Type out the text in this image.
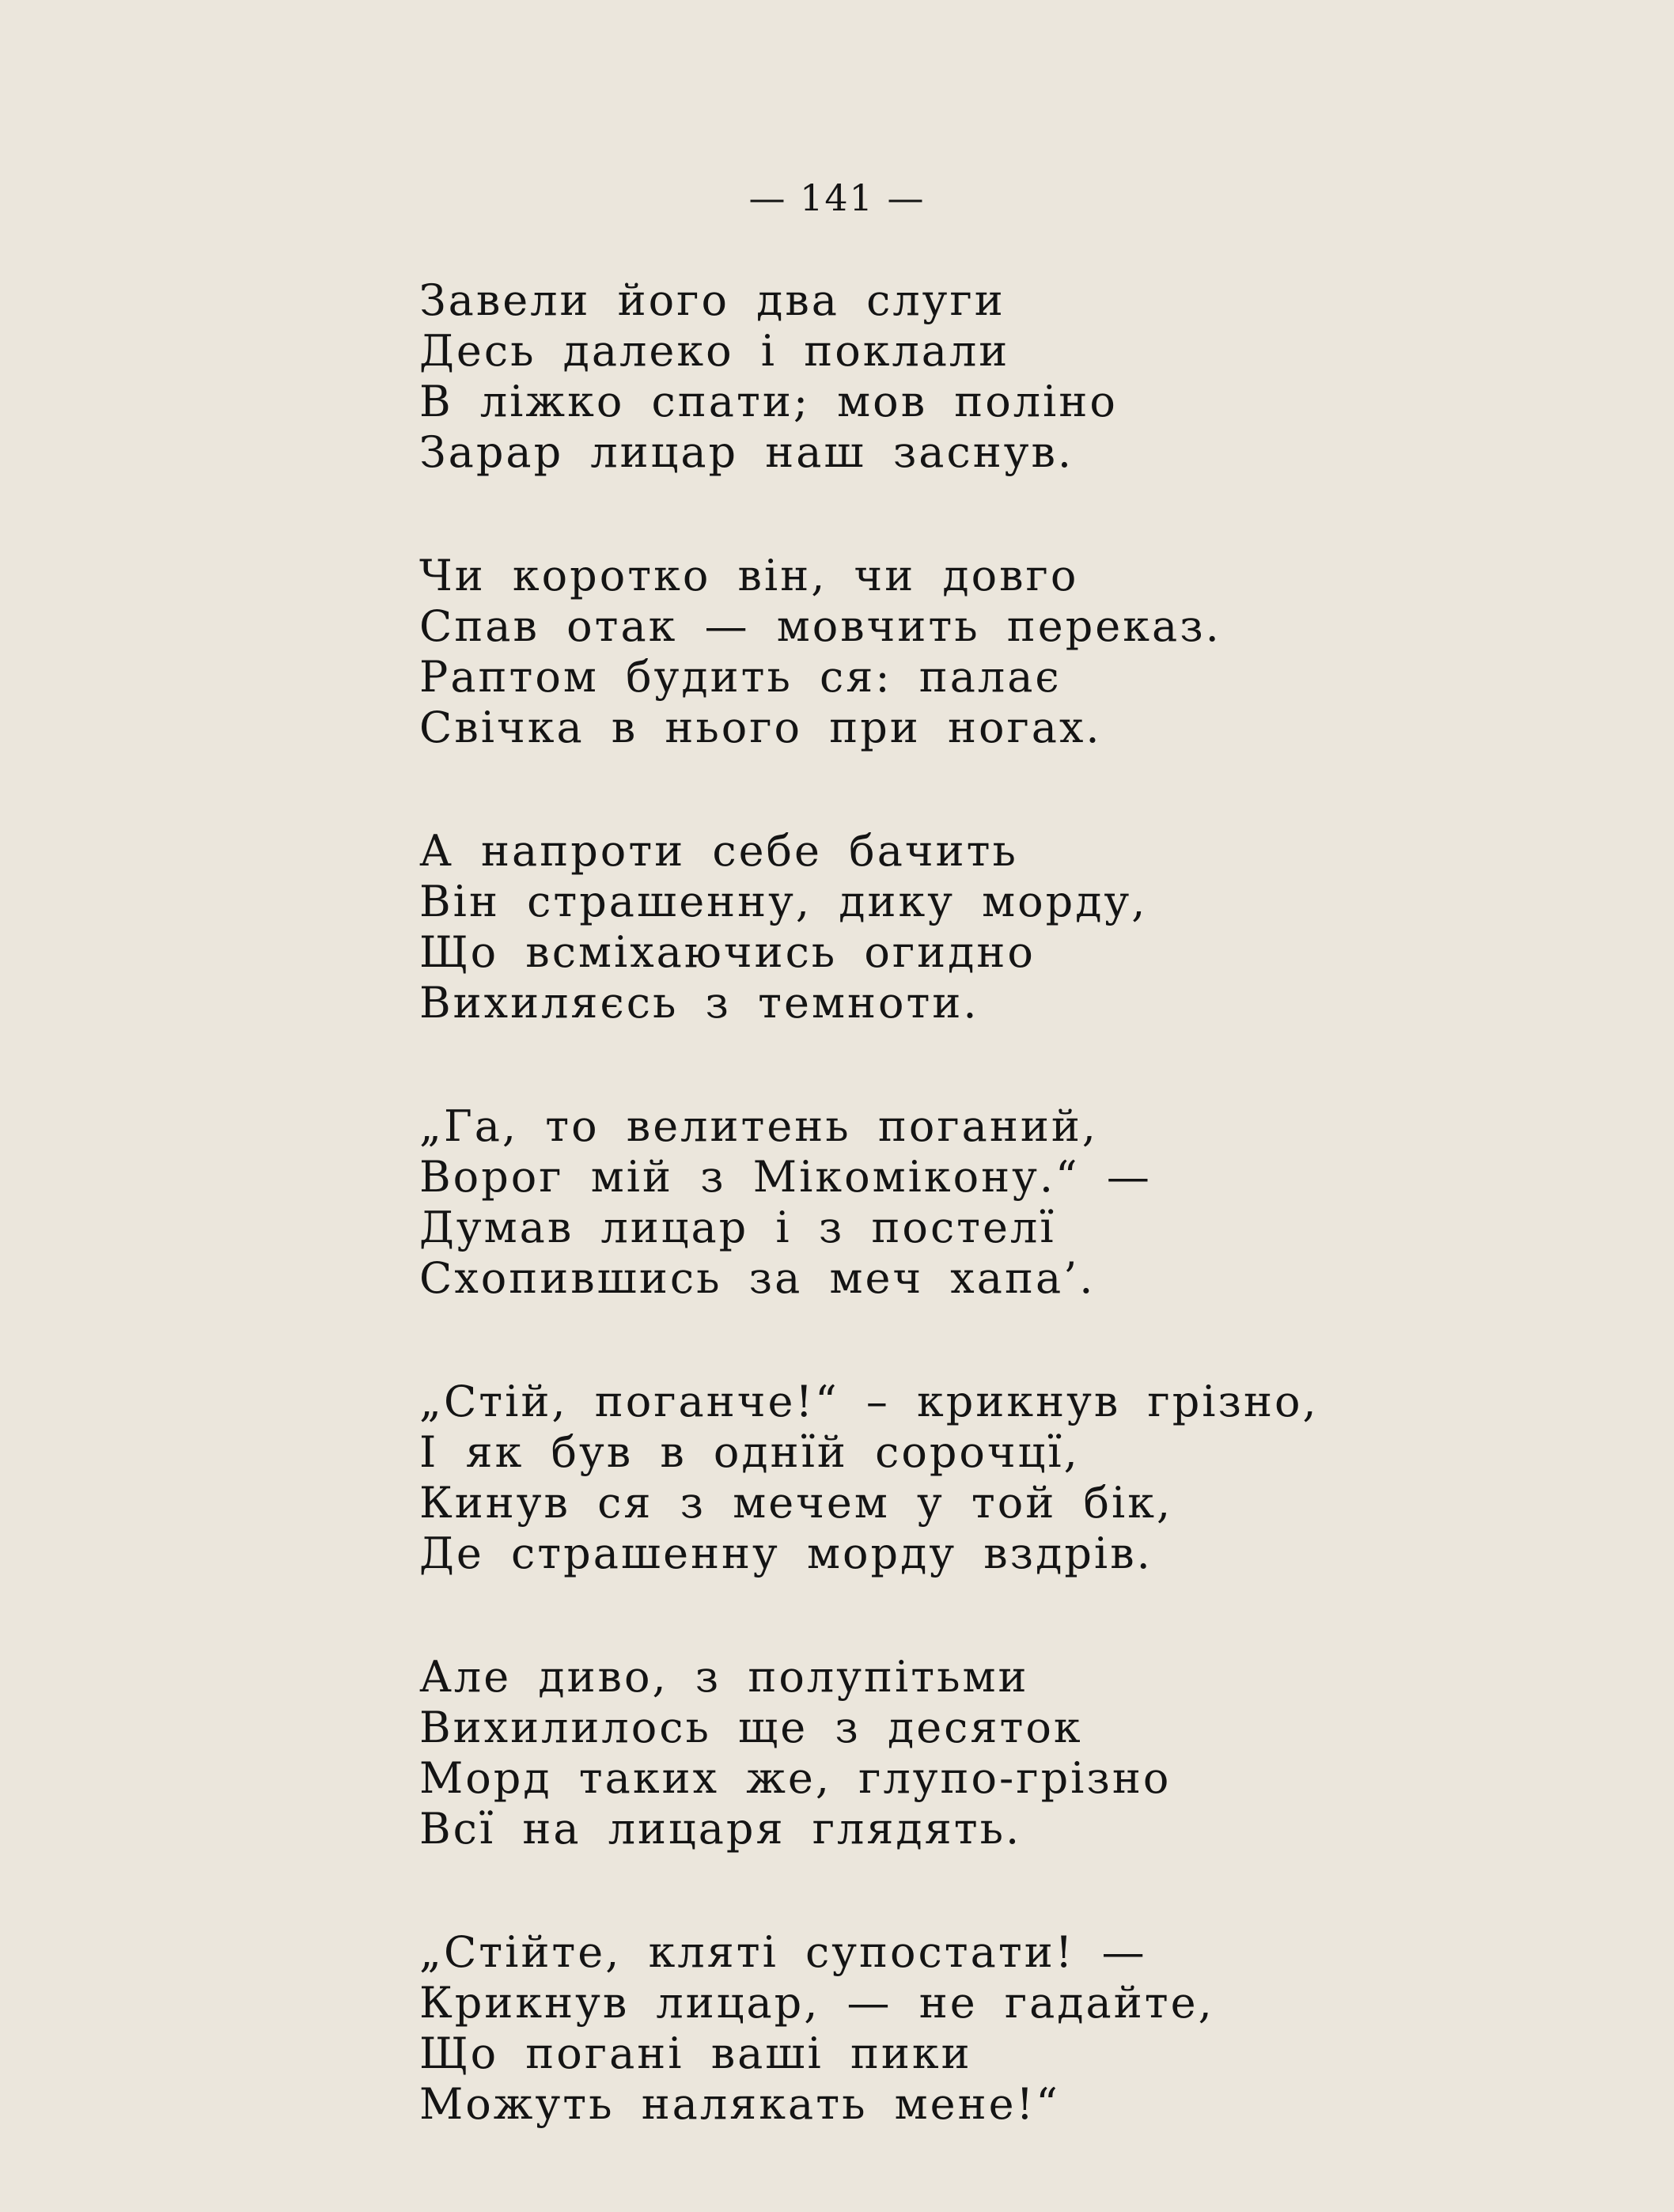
— 141 —
Завели його два слуги
Десь далеко і поклали
В ліжко спати; мов поліно
Зарар лицар наш заснув.
Чи коротко він, чи довго
Спав отак — мовчить переказ.
Раптом будить ся: палає
Свічка в нього при ногах.
А напроти себе бачить
Він страшенну, дику морду,
Що всміхаючись огидно
Вихиляєсь з темноти.
„Га, то велитень поганий,
Ворог мій з Мікомікону.“ —
Думав лицар і з постелї
Схопившись за меч хапа’.
„Стій, поганче!“ – крикнув грізно,
І як був в однїй сорочцї,
Кинув ся з мечем у той бік,
Де страшенну морду вздрів.
Але диво, з полупітьми
Вихилилось ще з десяток
Морд таких же, глупо-грізно
Всї на лицаря глядять.
„Стійте, кляті супостати! —
Крикнув лицар, — не гадайте,
Що погані ваші пики
Можуть налякать мене!“
